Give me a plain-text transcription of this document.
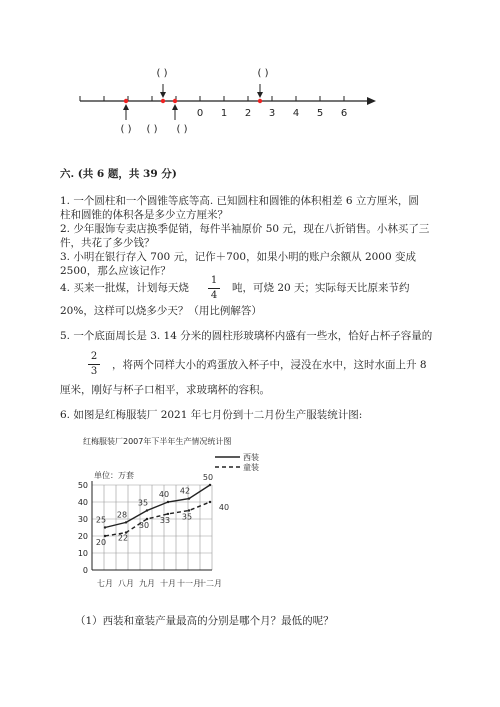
0 1 2 3 4 5 6
( )	( )
( ) ( ) ( )
六. (共 6 题，共 39 分)
1. 一个圆柱和一个圆锥等底等高. 已知圆柱和圆锥的体积相差 6 立方厘米，圆
柱和圆锥的体积各是多少立方厘米？
2. 少年服饰专卖店换季促销，每件半袖原价 50 元，现在八折销售。小林买了三
件，共花了多少钱？
3. 小明在银行存入 700 元，记作＋700，如果小明的账户余额从 2000 变成
2500，那么应该记作？
4. 买来一批煤，计划每天烧
1
4
吨，可烧 20 天；实际每天比原来节约
20%，这样可以烧多少天？（用比例解答）
5. 一个底面周长是 3. 14 分米的圆柱形玻璃杯内盛有一些水，恰好占杯子容量的
2
3
，将两个同样大小的鸡蛋放入杯子中，浸没在水中，这时水面上升 8
厘米，刚好与杯子口相平，求玻璃杯的容积。
6. 如图是红梅服装厂 2021 年七月份到十二月份生产服装统计图:
红梅服装厂2007年下半年生产情况统计图
单位：万套
0
10
20
30
40
50
七月 八月 九月 十月 十一月
十二月
25
28
35
40 42
50
20 22
30
33 35
40
西装
童装
（1）西装和童装产量最高的分别是哪个月？最低的呢？
